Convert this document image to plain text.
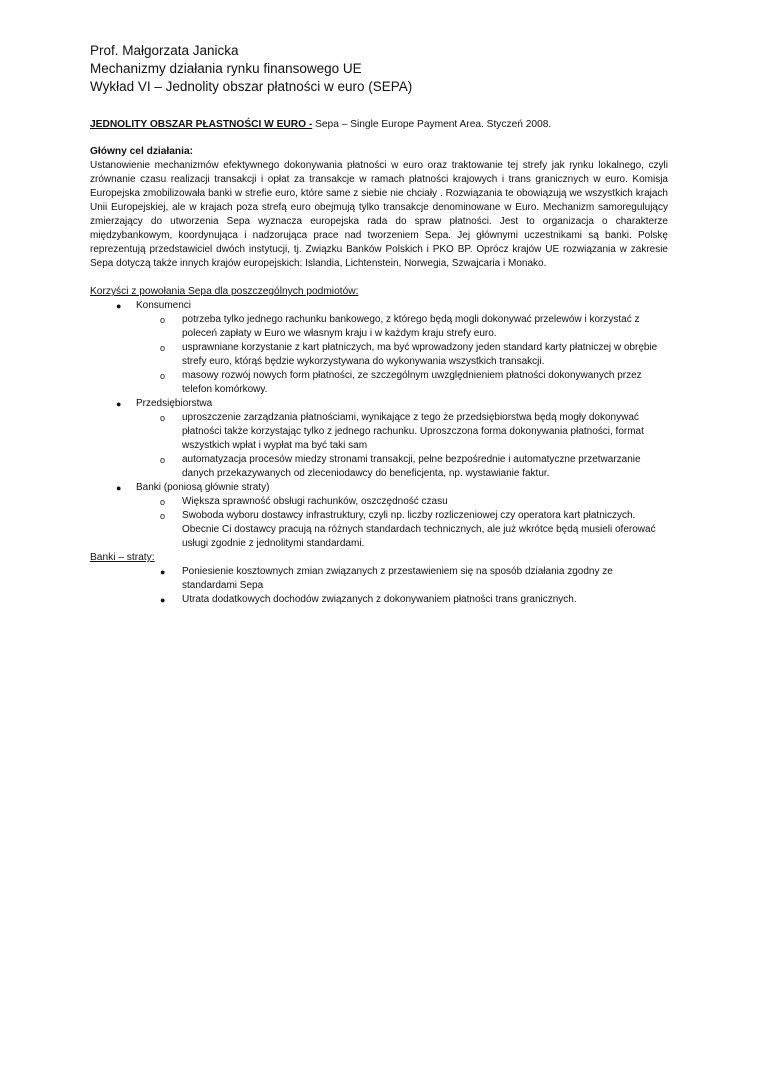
Prof. Małgorzata Janicka

Mechanizmy działania rynku finansowego UE

Wykład VI – Jednolity obszar płatności w euro (SEPA)

JEDNOLITY OBSZAR PŁASTNOŚCI W EURO - Sepa – Single Europe Payment Area. Styczeń 2008.
Główny cel działania:

Ustanowienie mechanizmów efektywnego dokonywania płatności w euro oraz traktowanie tej strefy jak rynku lokalnego, czyli zrównanie czasu realizacji transakcji i opłat za transakcje w ramach płatności krajowych i trans granicznych w euro. Komisja Europejska zmobilizowała banki w strefie euro, które same z siebie nie chciały . Rozwiązania te obowiązują we wszystkich krajach Unii Europejskiej, ale w krajach poza strefą euro obejmują tylko transakcje denominowane w Euro. Mechanizm samoregulujący zmierzający do utworzenia Sepa wyznacza europejska rada do spraw płatności. Jest to organizacja o charakterze międzybankowym, koordynująca i nadzorująca prace nad tworzeniem Sepa. Jej głównymi uczestnikami są banki. Polskę reprezentują przedstawiciel dwóch instytucji, tj. Związku Banków Polskich i PKO BP. Oprócz krajów UE rozwiązania w zakresie Sepa dotyczą także innych krajów europejskich: Islandia, Lichtenstein, Norwegia, Szwajcaria i Monako.

Korzyści z powołania Sepa dla poszczególnych podmiotów:
● Konsumenci
o potrzeba tylko jednego rachunku bankowego, z którego będą mogli dokonywać przelewów i korzystać z poleceń zapłaty w Euro we własnym kraju i w każdym kraju strefy euro.
o usprawniane korzystanie z kart płatniczych, ma być wprowadzony jeden standard karty płatniczej w obrębie strefy euro, którąś będzie wykorzystywana do wykonywania wszystkich transakcji.
o masowy rozwój nowych form płatności, ze szczególnym uwzględnieniem płatności dokonywanych przez telefon komórkowy.
● Przedsiębiorstwa
o uproszczenie zarządzania płatnościami, wynikające z tego że przedsiębiorstwa będą mogły dokonywać płatności także korzystając tylko z jednego rachunku. Uproszczona forma dokonywania płatności, format wszystkich wpłat i wypłat ma być taki sam
o automatyzacja procesów miedzy stronami transakcji, pełne bezpośrednie i automatyczne przetwarzanie danych przekazywanych od zleceniodawcy do beneficjenta, np. wystawianie faktur.
● Banki (poniosą głównie straty)
o Większa sprawność obsługi rachunków, oszczędność czasu
o Swoboda wyboru dostawcy infrastruktury, czyli np. liczby rozliczeniowej czy operatora kart płatniczych. Obecnie Ci dostawcy pracują na różnych standardach technicznych, ale już wkrótce będą musieli oferować usługi zgodnie z jednolitymi standardami.
Banki – straty:
● Poniesienie kosztownych zmian związanych z przestawieniem się na sposób działania zgodny ze standardami Sepa
● Utrata dodatkowych dochodów związanych z dokonywaniem płatności trans granicznych.
